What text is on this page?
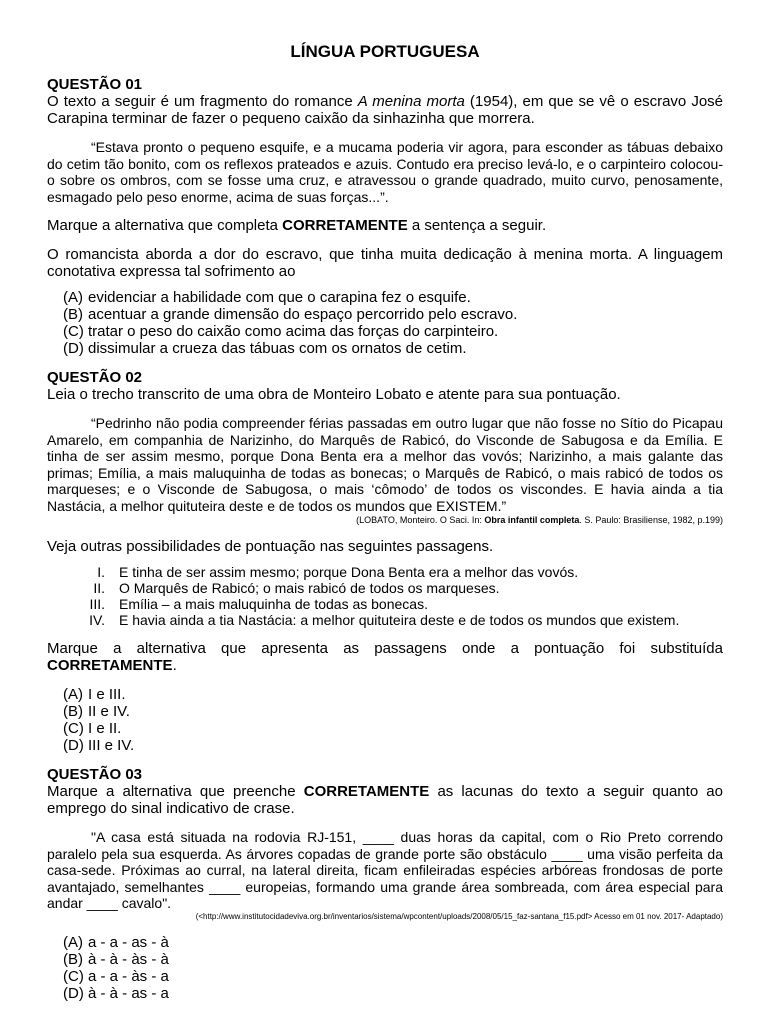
LÍNGUA PORTUGUESA

QUESTÃO 01

O texto a seguir é um fragmento do romance A menina morta (1954), em que se vê o escravo José Carapina terminar de fazer o pequeno caixão da sinhazinha que morrera.

“Estava pronto o pequeno esquife, e a mucama poderia vir agora, para esconder as tábuas debaixo do cetim tão bonito, com os reflexos prateados e azuis. Contudo era preciso levá-lo, e o carpinteiro colocou-o sobre os ombros, com se fosse uma cruz, e atravessou o grande quadrado, muito curvo, penosamente, esmagado pelo peso enorme, acima de suas forças...”.

Marque a alternativa que completa CORRETAMENTE a sentença a seguir.

O romancista aborda a dor do escravo, que tinha muita dedicação à menina morta. A linguagem conotativa expressa tal sofrimento ao

(A) evidenciar a habilidade com que o carapina fez o esquife.
(B) acentuar a grande dimensão do espaço percorrido pelo escravo.
(C) tratar o peso do caixão como acima das forças do carpinteiro.
(D) dissimular a crueza das tábuas com os ornatos de cetim.

QUESTÃO 02

Leia o trecho transcrito de uma obra de Monteiro Lobato e atente para sua pontuação.

“Pedrinho não podia compreender férias passadas em outro lugar que não fosse no Sítio do Picapau Amarelo, em companhia de Narizinho, do Marquês de Rabicó, do Visconde de Sabugosa e da Emília. E tinha de ser assim mesmo, porque Dona Benta era a melhor das vovós; Narizinho, a mais galante das primas; Emília, a mais maluquinha de todas as bonecas; o Marquês de Rabicó, o mais rabicó de todos os marqueses; e o Visconde de Sabugosa, o mais ‘cômodo’ de todos os viscondes. E havia ainda a tia Nastácia, a melhor quituteira deste e de todos os mundos que EXISTEM.”

(LOBATO, Monteiro. O Saci. In: Obra infantil completa. S. Paulo: Brasiliense, 1982, p.199)

Veja outras possibilidades de pontuação nas seguintes passagens.

I.	E tinha de ser assim mesmo; porque Dona Benta era a melhor das vovós.
II.	O Marquês de Rabicó; o mais rabicó de todos os marqueses.
III.	Emília – a mais maluquinha de todas as bonecas.
IV.	E havia ainda a tia Nastácia: a melhor quituteira deste e de todos os mundos que existem.

Marque a alternativa que apresenta as passagens onde a pontuação foi substituída CORRETAMENTE.

(A) I e III.
(B) II e IV.
(C) I e II.
(D) III e IV.

QUESTÃO 03

Marque a alternativa que preenche CORRETAMENTE as lacunas do texto a seguir quanto ao emprego do sinal indicativo de crase.

"A casa está situada na rodovia RJ-151, ____ duas horas da capital, com o Rio Preto correndo paralelo pela sua esquerda. As árvores copadas de grande porte são obstáculo ____ uma visão perfeita da casa-sede. Próximas ao curral, na lateral direita, ficam enfileiradas espécies arbóreas frondosas de porte avantajado, semelhantes ____ europeias, formando uma grande área sombreada, com área especial para andar ____ cavalo".

(<http://www.institutocidadeviva.org.br/inventarios/sistema/wpcontent/uploads/2008/05/15_faz-santana_f15.pdf> Acesso em 01 nov. 2017- Adaptado)

(A) a - a - as - à
(B) à - à - às - à
(C) a - a - às - a
(D) à - à - as - a
